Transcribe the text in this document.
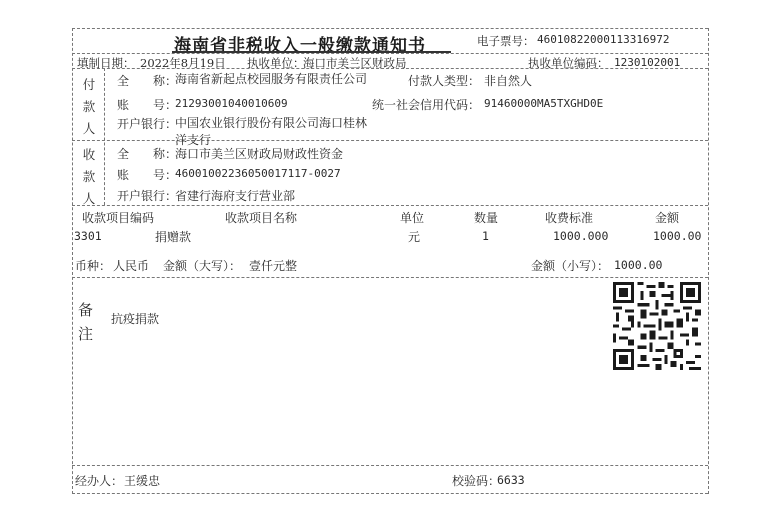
海南省非税收入一般缴款通知书	电子票号： 46010822000113316972
填制日期： 2022年8月19日 执收单位：
海口市美兰区财政局	执收单位编码： 1230102001
付
款
人
全　　称：
海南省新起点校园服务有限责任公司	付款人类型： 非自然人
账　　号：
21293001040010609	统一社会信用代码： 91460000MA5TXGHD0E
开户银行：
中国农业银行股份有限公司海口桂林洋支行
收
款
人
全　　称：
海口市美兰区财政局财政性资金
账　　号：
46001002236050017117-0027
开户银行：
省建行海府支行营业部
收款项目编码	收款项目名称	单位	数量	收费标准	金额
3301	捐赠款	元	1	1000.000	1000.00
币种： 人民币 金额（大写）： 壹仟元整	金额（小写）： 1000.00
备
注
抗疫捐款
经办人： 王缓忠	校验码：
6633
